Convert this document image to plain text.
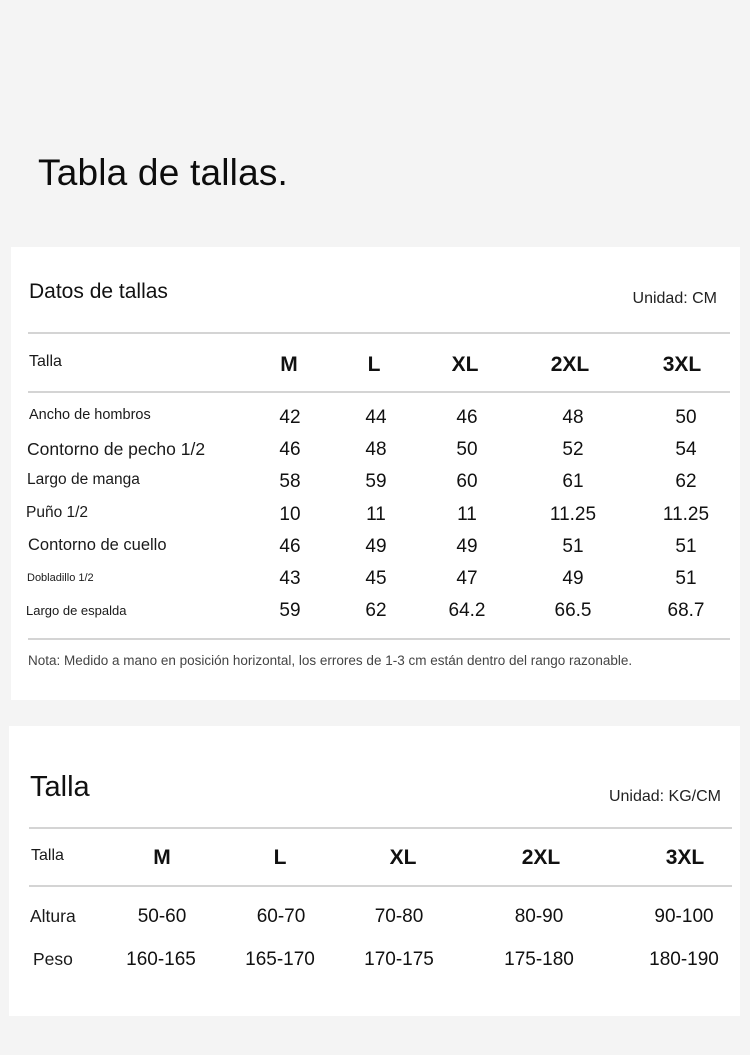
Tabla de tallas.
Datos de tallas	Unidad: CM
Talla	M	L	XL	2XL	3XL
Ancho de hombros	42	44	46	48	50
Contorno de pecho 1/2	46	48	50	52	54
Largo de manga	58	59	60	61	62
Puño 1/2	10	11	11	11.25	11.25
Contorno de cuello	46	49	49	51	51
Dobladillo 1/2	43	45	47	49	51
Largo de espalda	59	62	64.2	66.5	68.7
Nota: Medido a mano en posición horizontal, los errores de 1-3 cm están dentro del rango razonable.
Talla	Unidad: KG/CM
Talla	M	L	XL	2XL	3XL
Altura	50-60	60-70	70-80	80-90	90-100
Peso	160-165	165-170	170-175	175-180	180-190
